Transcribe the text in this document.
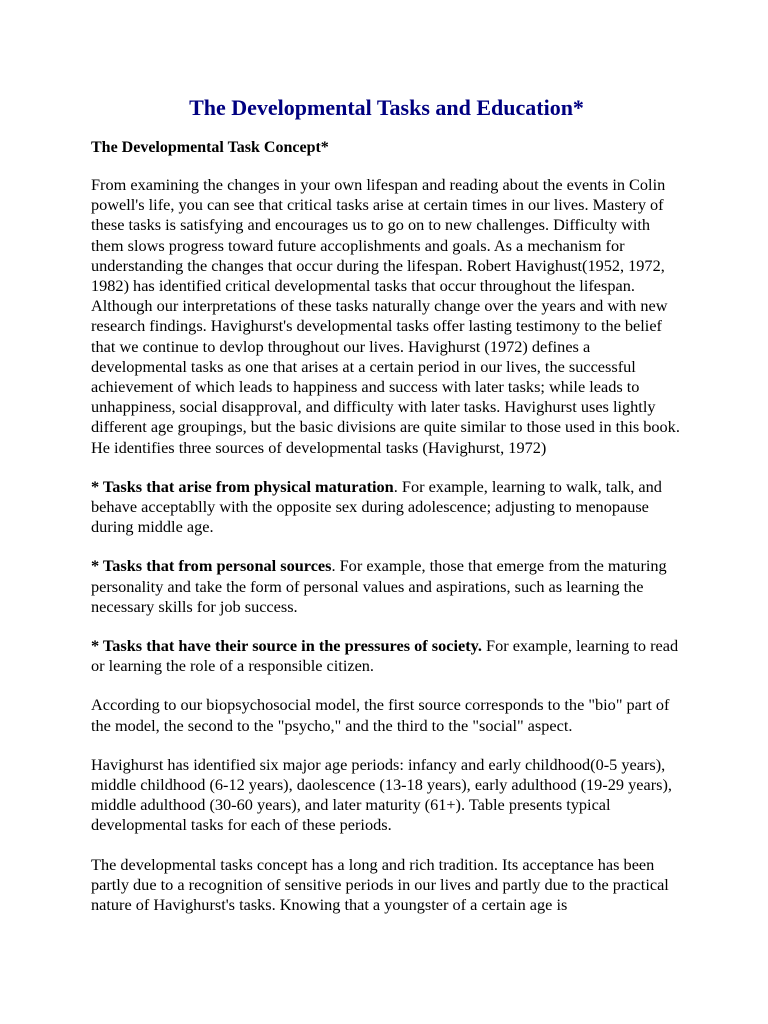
The Developmental Tasks and Education*
The Developmental Task Concept*

From examining the changes in your own lifespan and reading about the events in Colin powell's life, you can see that critical tasks arise at certain times in our lives. Mastery of these tasks is satisfying and encourages us to go on to new challenges. Difficulty with them slows progress toward future accoplishments and goals. As a mechanism for understanding the changes that occur during the lifespan. Robert Havighust(1952, 1972, 1982) has identified critical developmental tasks that occur throughout the lifespan. Although our interpretations of these tasks naturally change over the years and with new research findings. Havighurst's developmental tasks offer lasting testimony to the belief that we continue to devlop throughout our lives. Havighurst (1972) defines a developmental tasks as one that arises at a certain period in our lives, the successful achievement of which leads to happiness and success with later tasks; while leads to unhappiness, social disapproval, and difficulty with later tasks. Havighurst uses lightly different age groupings, but the basic divisions are quite similar to those used in this book. He identifies three sources of developmental tasks (Havighurst, 1972)

* Tasks that arise from physical maturation. For example, learning to walk, talk, and behave acceptablly with the opposite sex during adolescence; adjusting to menopause during middle age.

* Tasks that from personal sources. For example, those that emerge from the maturing personality and take the form of personal values and aspirations, such as learning the necessary skills for job success.

* Tasks that have their source in the pressures of society. For example, learning to read or learning the role of a responsible citizen.

According to our biopsychosocial model, the first source corresponds to the "bio" part of the model, the second to the "psycho," and the third to the "social" aspect.

Havighurst has identified six major age periods: infancy and early childhood(0-5 years), middle childhood (6-12 years), daolescence (13-18 years), early adulthood (19-29 years), middle adulthood (30-60 years), and later maturity (61+). Table presents typical developmental tasks for each of these periods.

The developmental tasks concept has a long and rich tradition. Its acceptance has been partly due to a recognition of sensitive periods in our lives and partly due to the practical nature of Havighurst's tasks. Knowing that a youngster of a certain age is
